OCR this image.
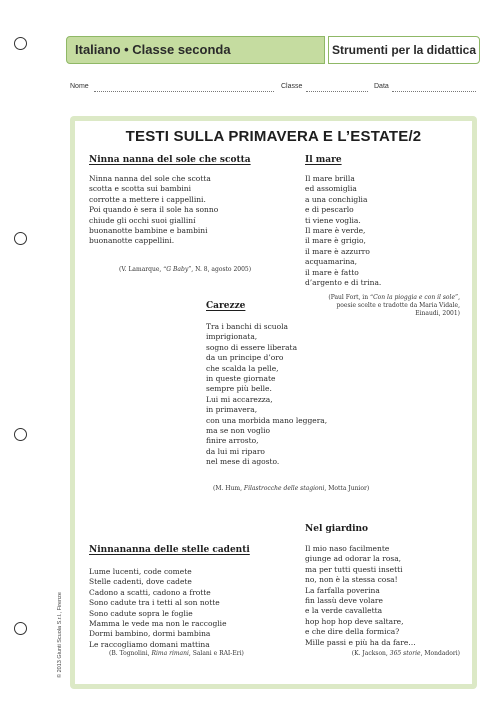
Italiano • Classe seconda	Strumenti per la didattica
Nome	Classe	Data
TESTI SULLA PRIMAVERA E L’ESTATE/2
Ninna nanna del sole che scotta
Ninna nanna del sole che scotta
scotta e scotta sui bambini
corrotte a mettere i cappellini.
Poi quando è sera il sole ha sonno
chiude gli occhi suoi gialliní
buonanotte bambine e bambini
buonanotte cappellini.
(V. Lamarque, “G Baby”, N. 8, agosto 2005)
Il mare
Il mare brilla
ed assomiglia
a una conchiglia
e di pescarlo
ti viene voglia.
Il mare è verde,
il mare è grigio,
il mare è azzurro
acquamarina,
il mare è fatto
d’argento e di trina.
(Paul Fort, in “Con la pioggia e con il sole”,
poesie scelte e tradotte da Maria Vidale,
Einaudi, 2001)
Carezze
Tra i banchi di scuola
imprigionata,
sogno di essere liberata
da un principe d’oro
che scalda la pelle,
in queste giornate
sempre più belle.
Lui mi accarezza,
in primavera,
con una morbida mano leggera,
ma se non voglio
finire arrosto,
da lui mi riparo
nel mese di agosto.
(M. Hum, Filastrocche delle stagioni, Motta Junior)
Nel giardino
Il mio naso facilmente
giunge ad odorar la rosa,
ma per tutti questi insetti
no, non è la stessa cosa!
La farfalla poverina
fin lassù deve volare
e la verde cavalletta
hop hop hop deve saltare,
e che dire della formica?
Mille passi e più ha da fare…
(K. Jackson, 365 storie, Mondadori)
Ninnananna delle stelle cadenti
Lume lucenti, code comete
Stelle cadenti, dove cadete
Cadono a scatti, cadono a frotte
Sono cadute tra i tetti al son notte
Sono cadute sopra le foglie
Mamma le vede ma non le raccoglie
Dormi bambino, dormi bambina
Le raccogliamo domani mattina
(B. Tognolini, Rima rimani, Salani e RAI-Eri)
© 2013 Giunti Scuola S.r.l., Firenze
